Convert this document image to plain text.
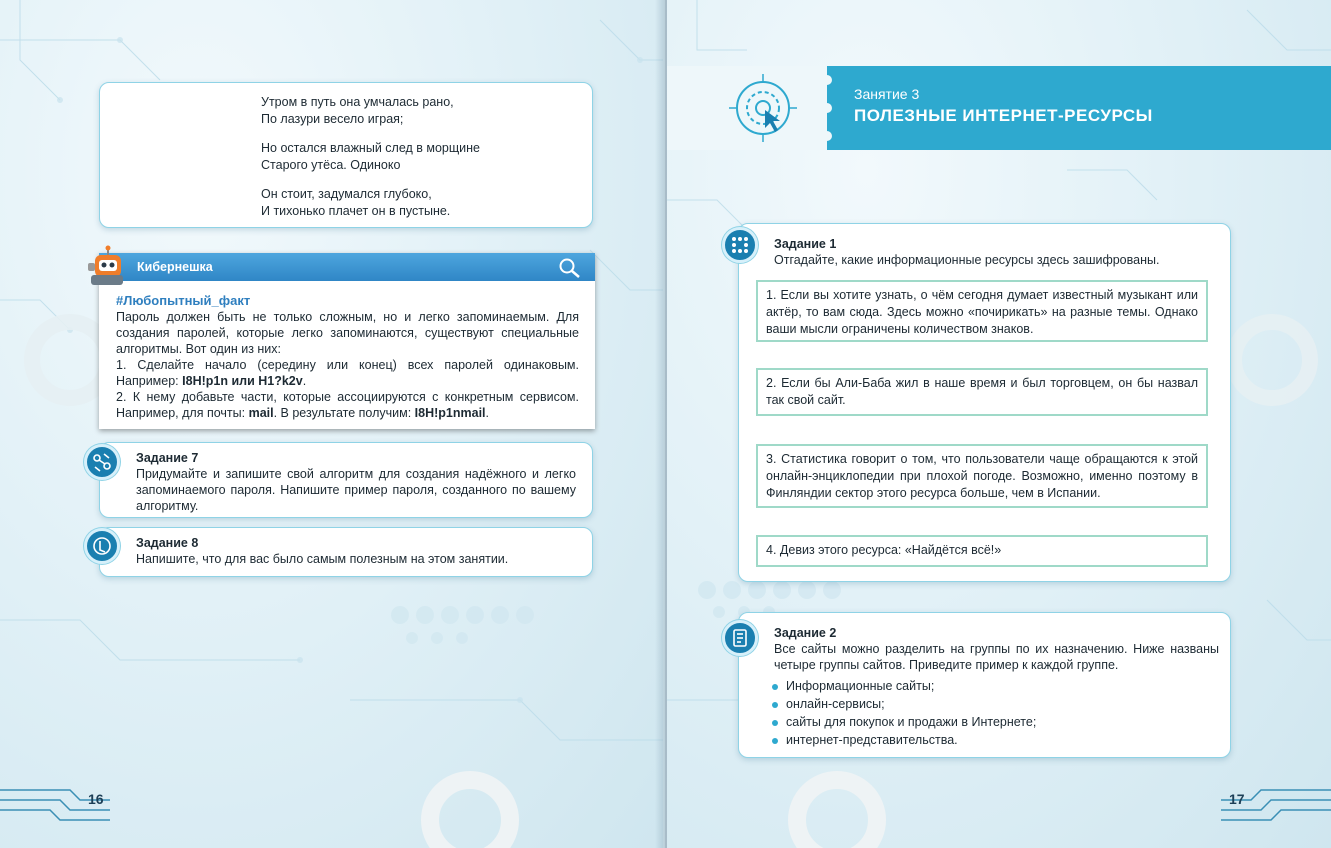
Утром в путь она умчалась рано,
По лазури весело играя;
Но остался влажный след в морщине
Старого утёса. Одиноко
Он стоит, задумался глубоко,
И тихонько плачет он в пустыне.
Кибернешка
#Любопытный_факт
Пароль должен быть не только сложным, но и легко запоминаемым. Для создания паролей, которые легко запоминаются, существуют специальные алгоритмы. Вот один из них:
1. Сделайте начало (середину или конец) всех паролей одинаковым. Например: I8H!p1n или H1?k2v.
2. К нему добавьте части, которые ассоциируются с конкретным сервисом. Например, для почты: mail. В результате получим: I8H!p1nmail.
Задание 7
Придумайте и запишите свой алгоритм для создания надёжного и легко запоминаемого пароля. Напишите пример пароля, созданного по вашему алгоритму.
Задание 8
Напишите, что для вас было самым полезным на этом занятии.
16
Занятие 3
ПОЛЕЗНЫЕ ИНТЕРНЕТ-РЕСУРСЫ
Задание 1
Отгадайте, какие информационные ресурсы здесь зашифрованы.
1. Если вы хотите узнать, о чём сегодня думает известный музыкант или актёр, то вам сюда. Здесь можно «почирикать» на разные темы. Однако ваши мысли ограничены количеством знаков.
2. Если бы Али-Баба жил в наше время и был торговцем, он бы назвал так свой сайт.
3. Статистика говорит о том, что пользователи чаще обращаются к этой онлайн-энциклопедии при плохой погоде. Возможно, именно поэтому в Финляндии сектор этого ресурса больше, чем в Испании.
4. Девиз этого ресурса: «Найдётся всё!»
Задание 2
Все сайты можно разделить на группы по их назначению. Ниже названы четыре группы сайтов. Приведите пример к каждой группе.
Информационные сайты;
онлайн-сервисы;
сайты для покупок и продажи в Интернете;
интернет-представительства.
17
